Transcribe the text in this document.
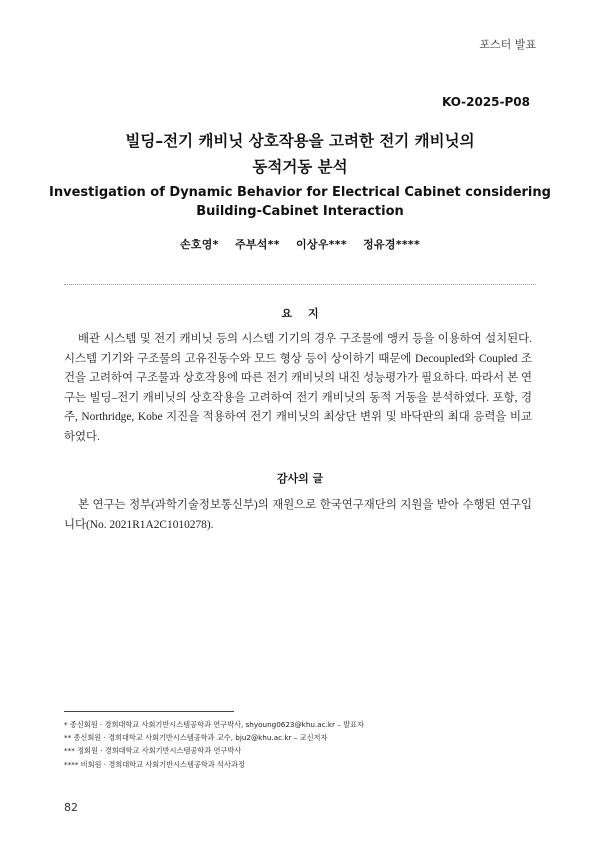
포스터 발표
KO-2025-P08
빌딩–전기 캐비닛 상호작용을 고려한 전기 캐비닛의
동적거동 분석
Investigation of Dynamic Behavior for Electrical Cabinet considering
Building-Cabinet Interaction
손호영* 주부석** 이상우*** 정유경****
요지
배관 시스템 및 전기 캐비닛 등의 시스템 기기의 경우 구조물에 앵커 등을 이용하여 설치된다. 시스템 기기와 구조물의 고유진동수와 모드 형상 등이 상이하기 때문에 Decoupled와 Coupled 조건을 고려하여 구조물과 상호작용에 따른 전기 캐비닛의 내진 성능평가가 필요하다. 따라서 본 연구는 빌딩–전기 캐비닛의 상호작용을 고려하여 전기 캐비닛의 동적 거동을 분석하였다. 포항, 경주, Northridge, Kobe 지진을 적용하여 전기 캐비닛의 최상단 변위 및 바닥판의 최대 응력을 비교하였다.
감사의 글
본 연구는 정부(과학기술정보통신부)의 재원으로 한국연구재단의 지원을 받아 수행된 연구입니다(No. 2021R1A2C1010278).
* 종신회원 · 경희대학교 사회기반시스템공학과 연구박사, shyoung0623@khu.ac.kr – 발표자
** 종신회원 · 경희대학교 사회기반시스템공학과 교수, bju2@khu.ac.kr – 교신저자
*** 정회원 · 경희대학교 사회기반시스템공학과 연구박사
**** 비회원 · 경희대학교 사회기반시스템공학과 석사과정
82
